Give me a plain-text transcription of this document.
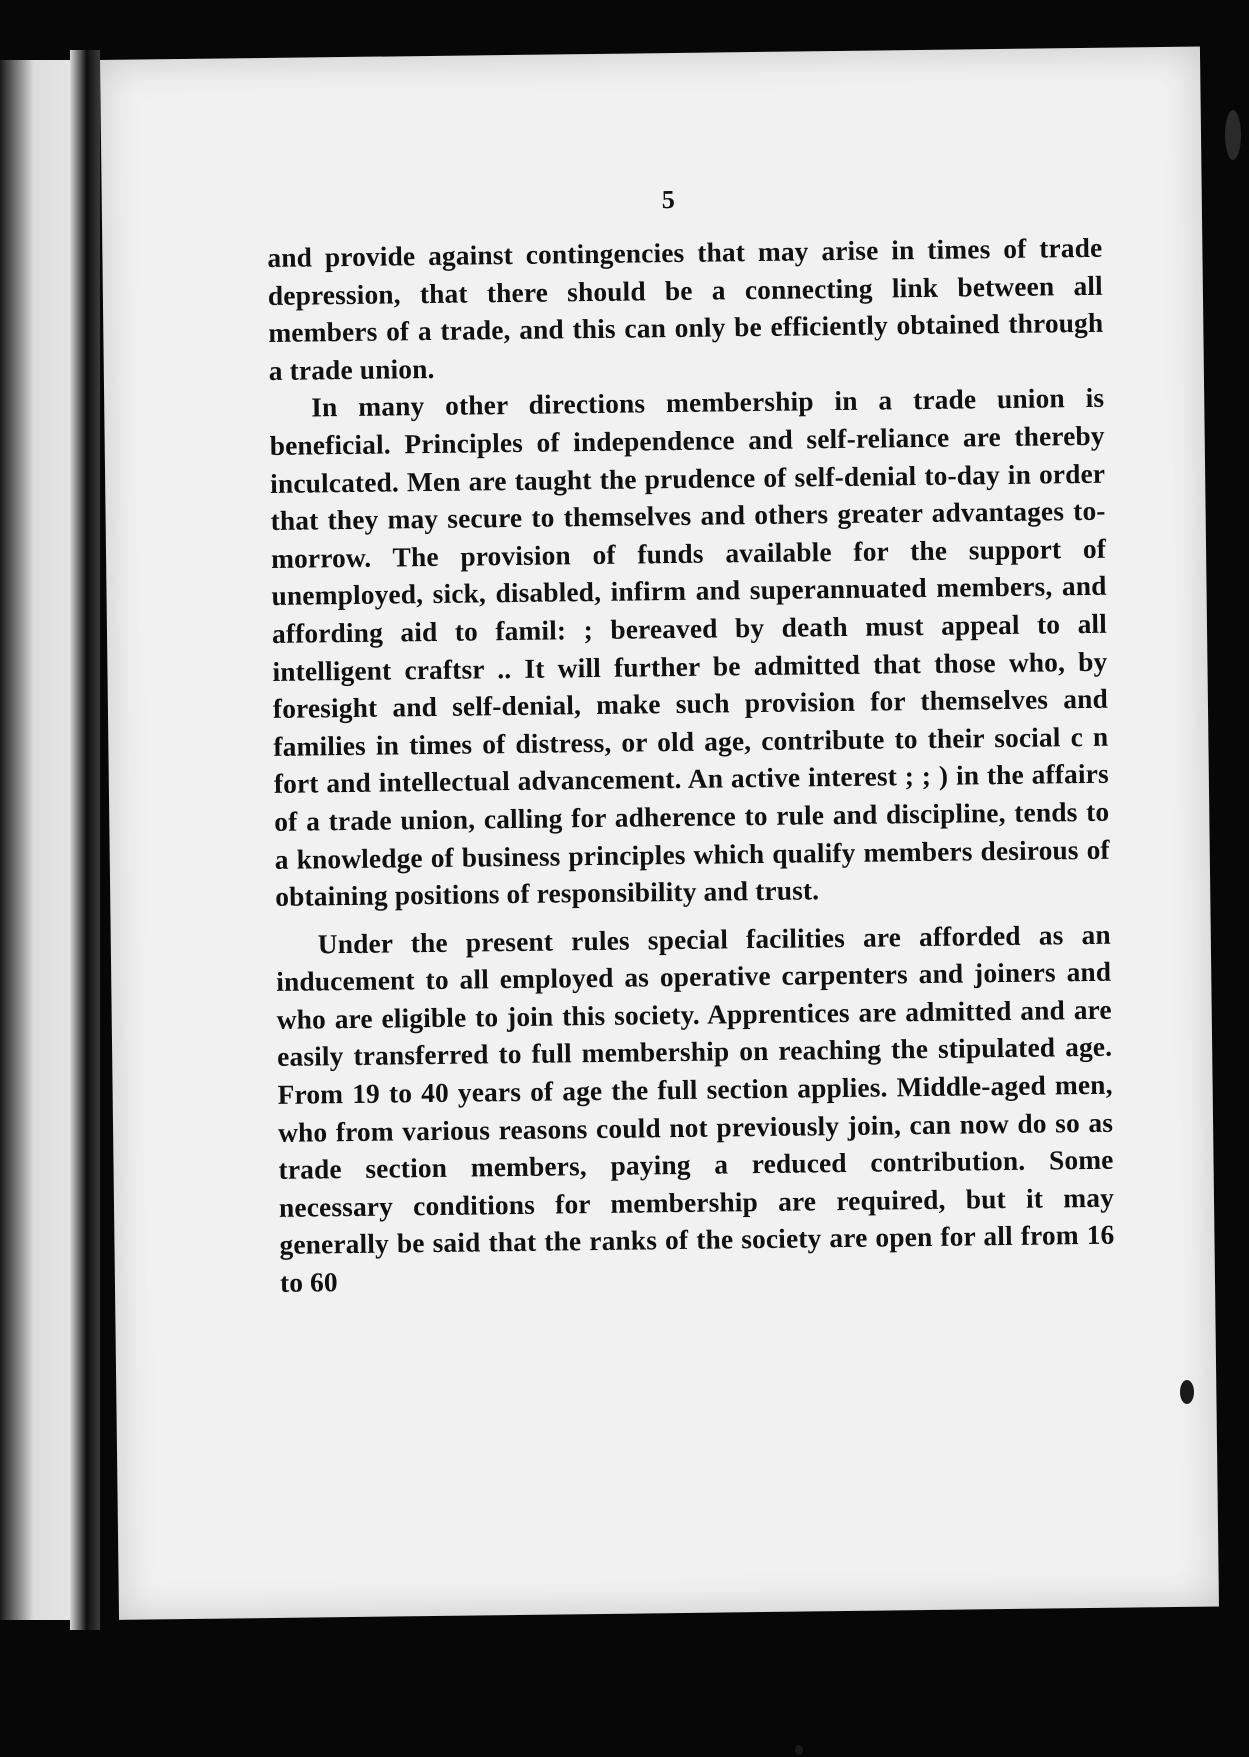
5

and provide against contingencies that may arise in times of trade depression, that there should be a connecting link between all members of a trade, and this can only be efficiently obtained through a trade union.

In many other directions membership in a trade union is beneficial. Principles of independence and self-reliance are thereby inculcated. Men are taught the prudence of self-denial to-day in order that they may secure to themselves and others greater advantages to-morrow. The provision of funds available for the support of unemployed, sick, disabled, infirm and superannuated members, and affording aid to famil: ; bereaved by death must appeal to all intelligent craftsr .. It will further be admitted that those who, by foresight and self-denial, make such provision for themselves and families in times of distress, or old age, contribute to their social c n fort and intellectual advancement. An active interest ; ; ) in the affairs of a trade union, calling for adherence to rule and discipline, tends to a knowledge of business principles which qualify members desirous of obtaining positions of responsibility and trust.

Under the present rules special facilities are afforded as an inducement to all employed as operative carpenters and joiners and who are eligible to join this society. Apprentices are admitted and are easily transferred to full membership on reaching the stipulated age. From 19 to 40 years of age the full section applies. Middle-aged men, who from various reasons could not previously join, can now do so as trade section members, paying a reduced contribution. Some necessary conditions for membership are required, but it may generally be said that the ranks of the society are open for all from 16 to 60
